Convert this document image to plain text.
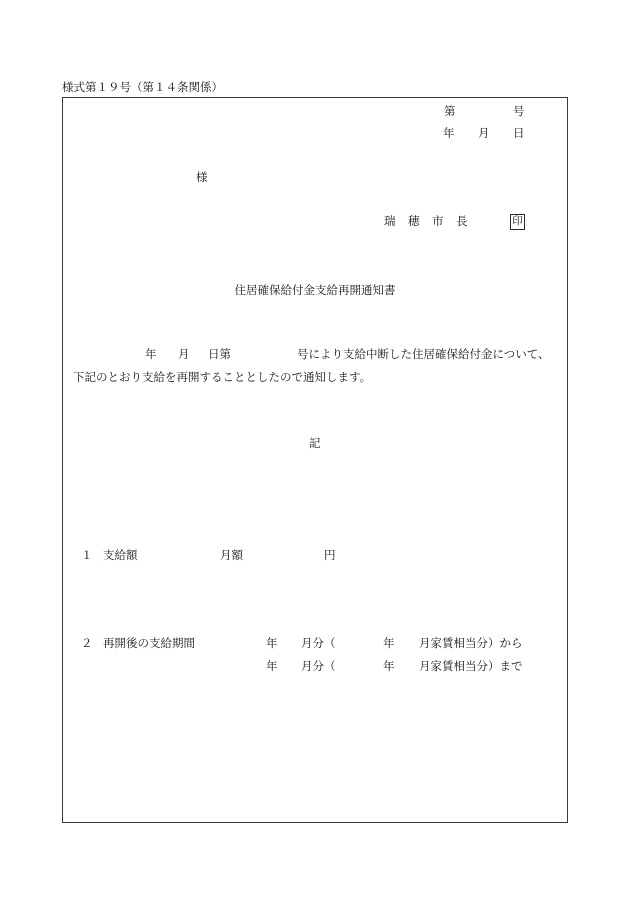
様式第１９号（第１４条関係）
第	号
年 月 日
様
瑞 穂 市 長	印
住居確保給付金支給再開通知書
年 月 日第	号により支給中断した住居確保給付金について、
下記のとおり支給を再開することとしたので通知します。
記
１ 支給額	月額	円
２ 再開後の支給期間	年 月分（	年 月家賃相当分）から
年 月分（	年 月家賃相当分）まで
